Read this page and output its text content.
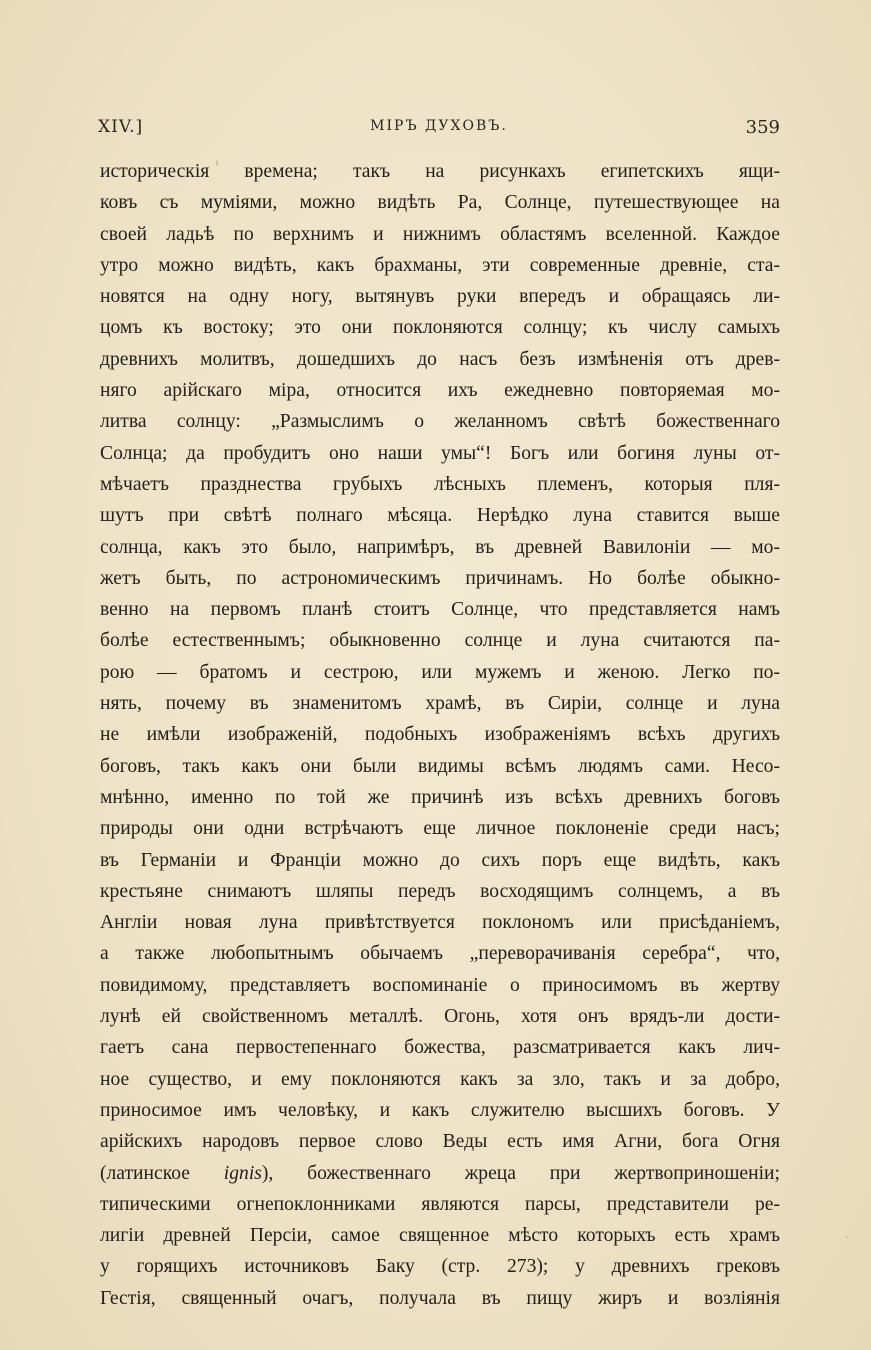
XIV.]	МІРЪ ДУХОВЪ.	359
историческія времена; такъ на рисункахъ египетскихъ ящи-
ковъ съ муміями, можно видѣть Ра, Солнце, путешествующее на
своей ладьѣ по верхнимъ и нижнимъ областямъ вселенной. Каждое
утро можно видѣть, какъ брахманы, эти современные древніе, ста-
новятся на одну ногу, вытянувъ руки впередъ и обращаясь ли-
цомъ къ востоку; это они поклоняются солнцу; къ числу самыхъ
древнихъ молитвъ, дошедшихъ до насъ безъ измѣненія отъ древ-
няго арійскаго міра, относится ихъ ежедневно повторяемая мо-
литва солнцу: „Размыслимъ о желанномъ свѣтѣ божественнаго
Солнца; да пробудитъ оно наши умы“! Богъ или богиня луны от-
мѣчаетъ празднества грубыхъ лѣсныхъ племенъ, которыя пля-
шутъ при свѣтѣ полнаго мѣсяца. Нерѣдко луна ставится выше
солнца, какъ это было, напримѣръ, въ древней Вавилоніи — мо-
жетъ быть, по астрономическимъ причинамъ. Но болѣе обыкно-
венно на первомъ планѣ стоитъ Солнце, что представляется намъ
болѣе естественнымъ; обыкновенно солнце и луна считаются па-
рою — братомъ и сестрою, или мужемъ и женою. Легко по-
нять, почему въ знаменитомъ храмѣ, въ Сиріи, солнце и луна
не имѣли изображеній, подобныхъ изображеніямъ всѣхъ другихъ
боговъ, такъ какъ они были видимы всѣмъ людямъ сами. Несо-
мнѣнно, именно по той же причинѣ изъ всѣхъ древнихъ боговъ
природы они одни встрѣчаютъ еще личное поклоненіе среди насъ;
въ Германіи и Франціи можно до сихъ поръ еще видѣть, какъ
крестьяне снимаютъ шляпы передъ восходящимъ солнцемъ, а въ
Англіи новая луна привѣтствуется поклономъ или присѣданіемъ,
а также любопытнымъ обычаемъ „переворачиванія серебра“, что,
повидимому, представляетъ воспоминаніе о приносимомъ въ жертву
лунѣ ей свойственномъ металлѣ. Огонь, хотя онъ врядъ-ли дости-
гаетъ сана первостепеннаго божества, разсматривается какъ лич-
ное существо, и ему поклоняются какъ за зло, такъ и за добро,
приносимое имъ человѣку, и какъ служителю высшихъ боговъ. У
арійскихъ народовъ первое слово Веды есть имя Агни, бога Огня
(латинское ignis), божественнаго жреца при жертвоприношеніи;
типическими огнепоклонниками являются парсы, представители ре-
лигіи древней Персіи, самое священное мѣсто которыхъ есть храмъ
у горящихъ источниковъ Баку (стр. 273); у древнихъ грековъ
Гестія, священный очагъ, получала въ пищу жиръ и возліянія
